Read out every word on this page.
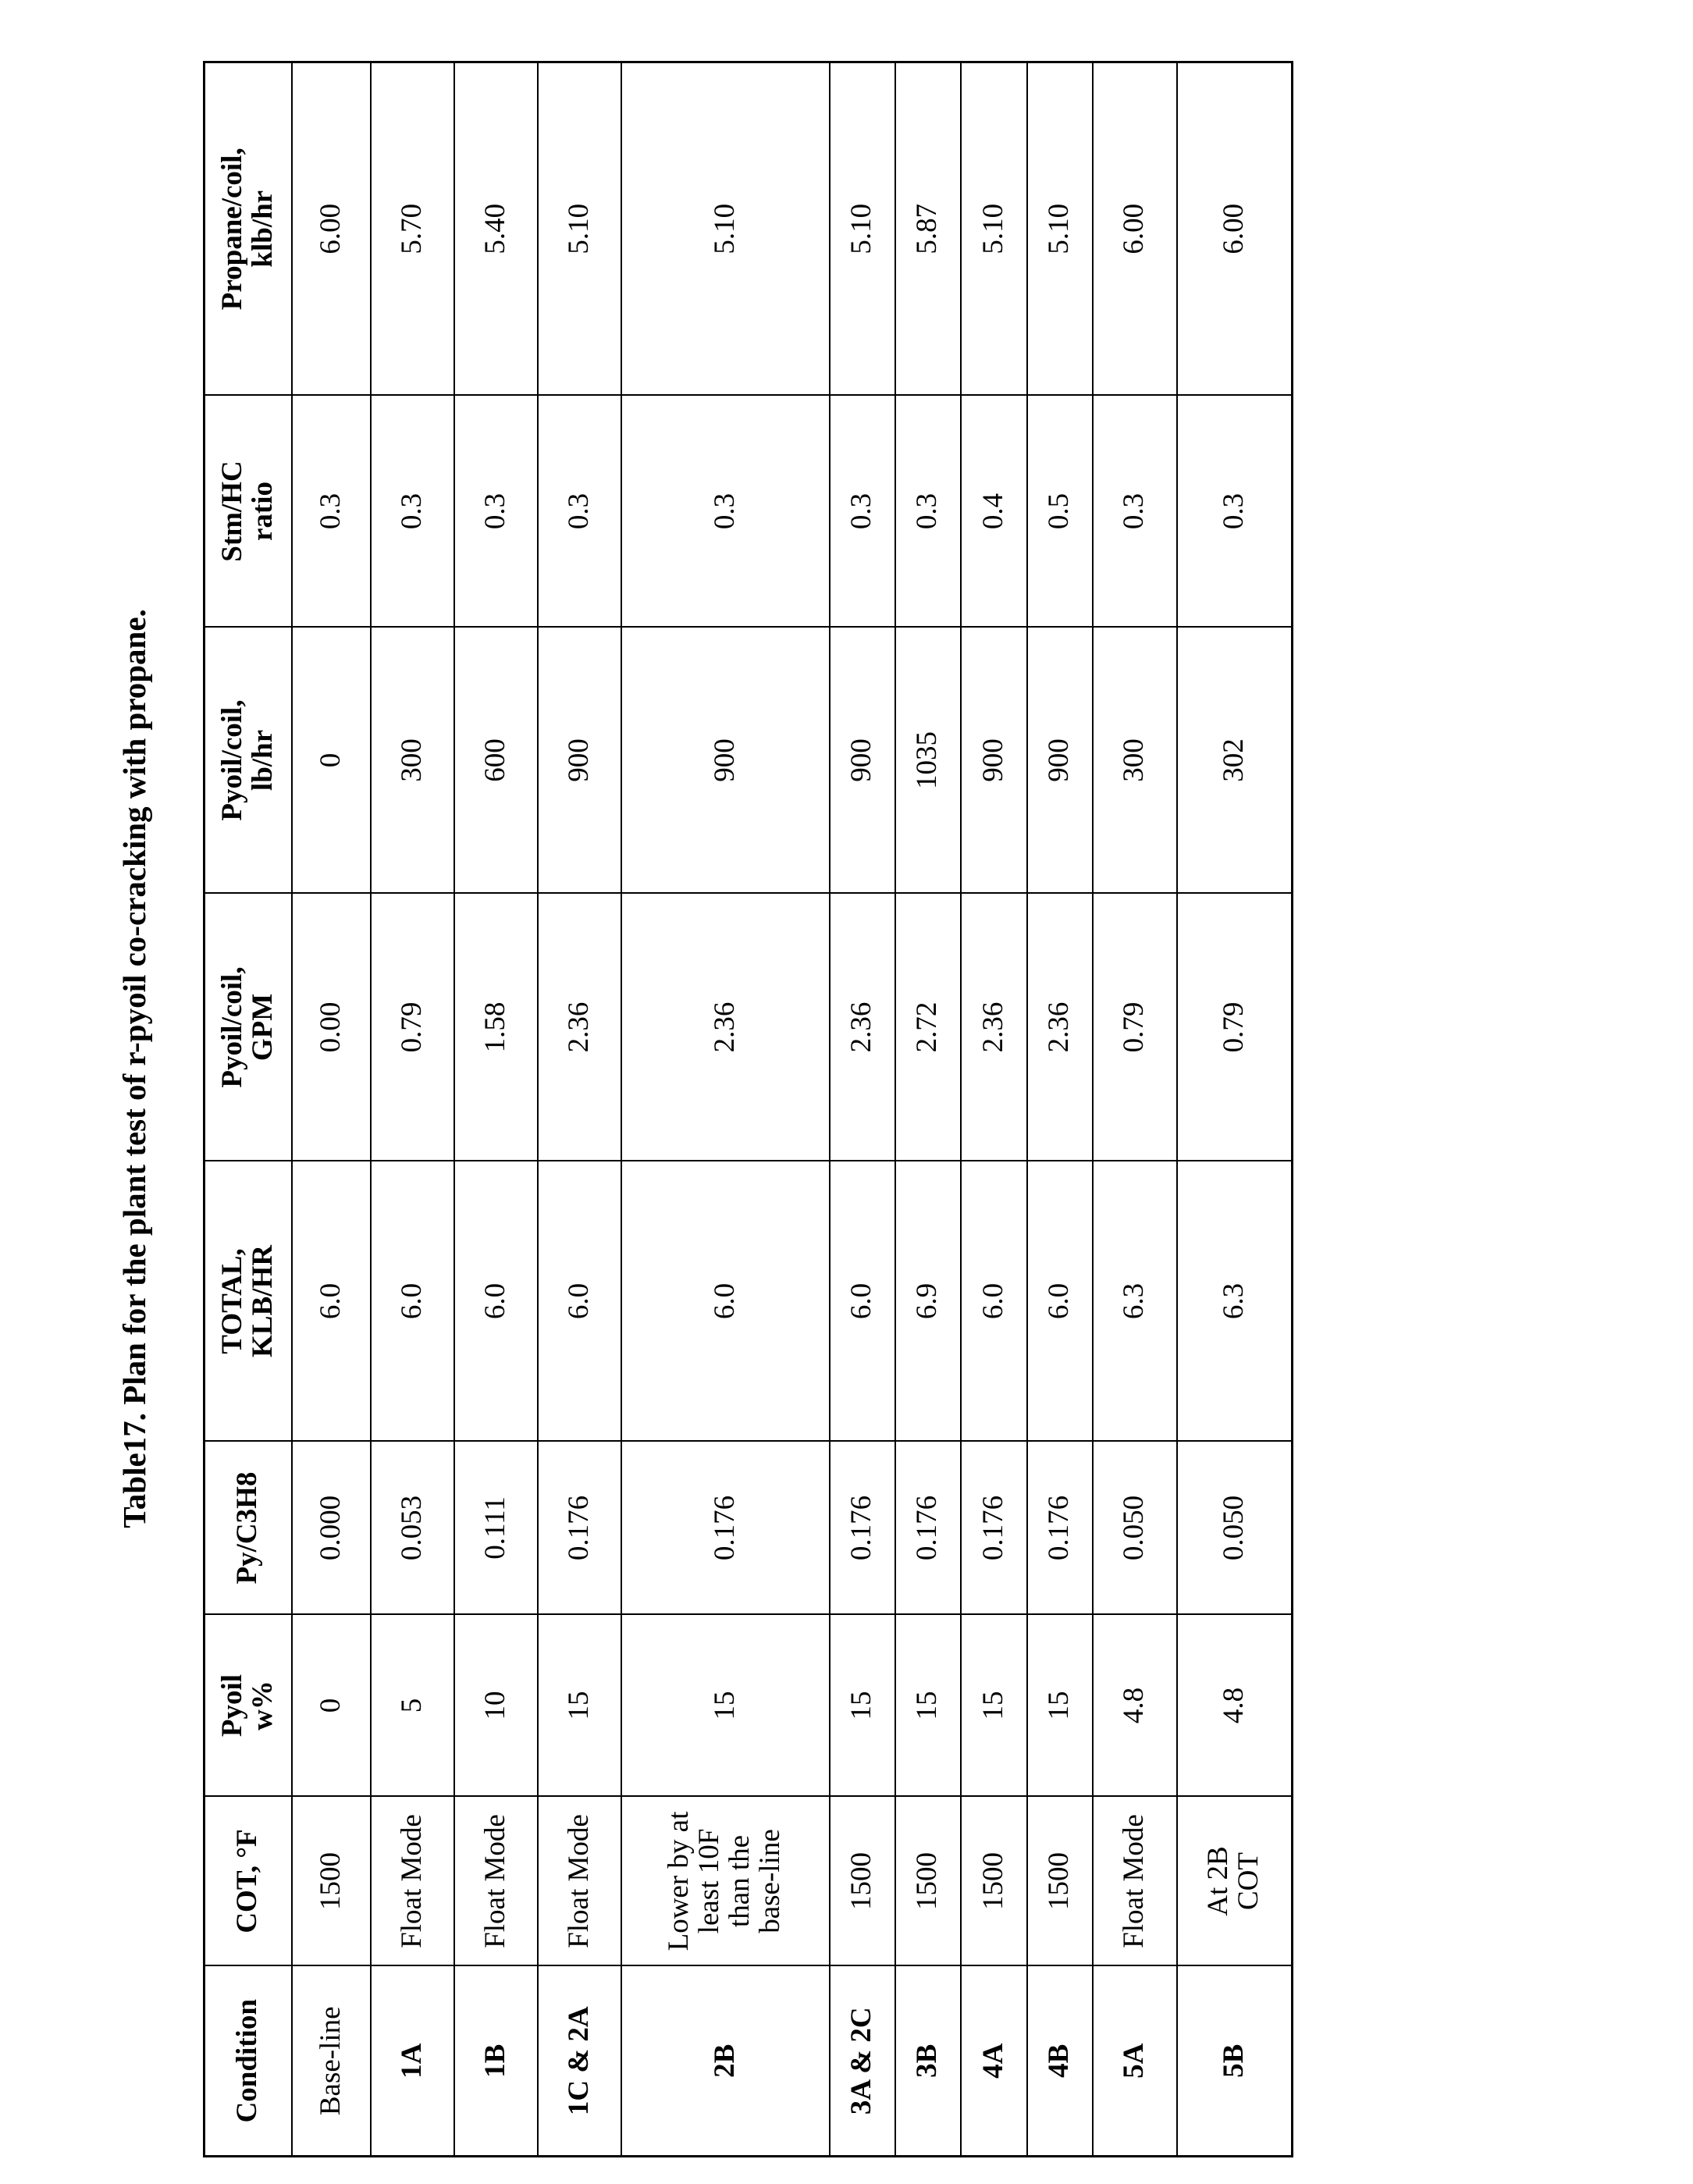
Table17. Plan for the plant test of r-pyoil co-cracking with propane.
Condition	COT, °F	Pyoil
w%	Py/C3H8	TOTAL,
KLB/HR	Pyoil/coil,
GPM	Pyoil/coil,
lb/hr	Stm/HC
ratio	Propane/coil,
klb/hr
Base-line	
1500
	0	0.000	6.0	0.00	0	0.3	6.00
1A	
Float Mode
	5	0.053	6.0	0.79	300	0.3	5.70
1B	
Float Mode
	10	0.111	6.0	1.58	600	0.3	5.40
1C & 2A	
Float Mode
	15	0.176	6.0	2.36	900	0.3	5.10
2B	
Lower by at least 10F than the base-line
	15	0.176	6.0	2.36	900	0.3	5.10
3A & 2C	
1500
	15	0.176	6.0	2.36	900	0.3	5.10
3B	
1500
	15	0.176	6.9	2.72	1035	0.3	5.87
4A	
1500
	15	0.176	6.0	2.36	900	0.4	5.10
4B	
1500
	15	0.176	6.0	2.36	900	0.5	5.10
5A	
Float Mode
	4.8	0.050	6.3	0.79	300	0.3	6.00
5B	
At 2B COT
	4.8	0.050	6.3	0.79	302	0.3	6.00
